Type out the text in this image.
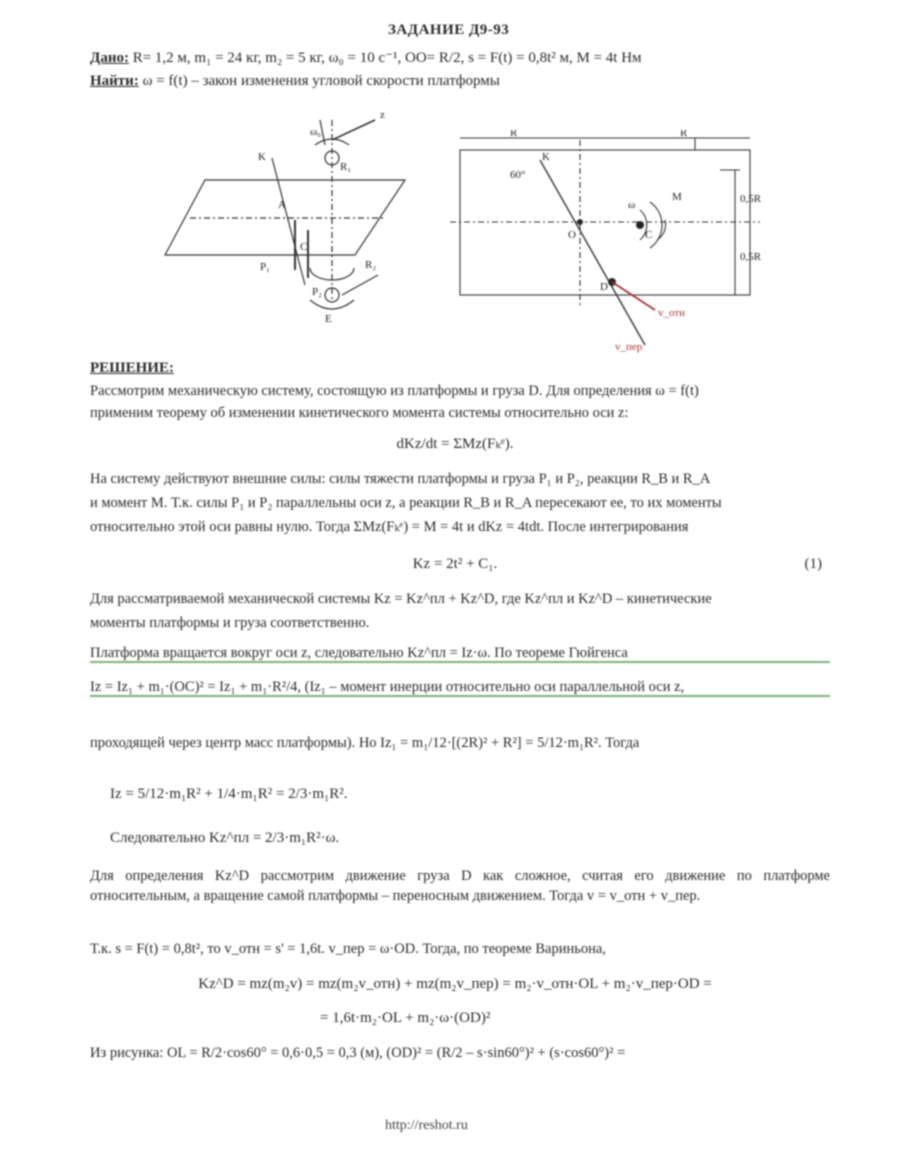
ЗАДАНИЕ Д9-93
Дано: R= 1,2 м, m₁ = 24 кг, m₂ = 5 кг, ω₀ = 10 с⁻¹, OO= R/2, s = F(t) = 0,8t² м, M = 4t Нм
Найти: ω = f(t) – закон изменения угловой скорости платформы
ω₀
z
K
A
P₁
P₂
R₂
R₁
E
C
R	R
K
60°
O
ω
M
C
D
0,5R
0,5R
v_пер
v_отн
РЕШЕНИЕ:
Рассмотрим механическую систему, состоящую из платформы и груза D. Для определения ω = f(t)
применим теорему об изменении кинетического момента системы относительно оси z:
dKz/dt = ΣMz(Fₖᵉ).
На систему действуют внешние силы: силы тяжести платформы и груза P₁ и P₂, реакции R_B и R_A
и момент M. Т.к. силы P₁ и P₂ параллельны оси z, а реакции R_B и R_A пересекают ее, то их моменты
относительно этой оси равны нулю. Тогда ΣMz(Fₖᵉ) = M = 4t и dKz = 4tdt. После интегрирования
Kz = 2t² + C₁.	(1)
Для рассматриваемой механической системы Kz = Kz^пл + Kz^D, где Kz^пл и Kz^D – кинетические
моменты платформы и груза соответственно.
Платформа вращается вокруг оси z, следовательно Kz^пл = Iz·ω. По теореме Гюйгенса
Iz = Iz₁ + m₁·(OC)² = Iz₁ + m₁·R²/4, (Iz₁ – момент инерции относительно оси параллельной оси z,
проходящей через центр масс платформы). Но Iz₁ = m₁/12·[(2R)² + R²] = 5/12·m₁R². Тогда
Iz = 5/12·m₁R² + 1/4·m₁R² = 2/3·m₁R².
Следовательно Kz^пл = 2/3·m₁R²·ω.
Для определения Kz^D рассмотрим движение груза D как сложное, считая его движение по платформе относительным, а вращение самой платформы – переносным движением. Тогда v = v_отн + v_пер.
Т.к. s = F(t) = 0,8t², то v_отн = s' = 1,6t. v_пер = ω·OD. Тогда, по теореме Вариньона,
Kz^D = mz(m₂v) = mz(m₂v_отн) + mz(m₂v_пер) = m₂·v_отн·OL + m₂·v_пер·OD =
= 1,6t·m₂·OL + m₂·ω·(OD)²
Из рисунка: OL = R/2·cos60° = 0,6·0,5 = 0,3 (м), (OD)² = (R/2 – s·sin60°)² + (s·cos60°)² =
http://reshot.ru
